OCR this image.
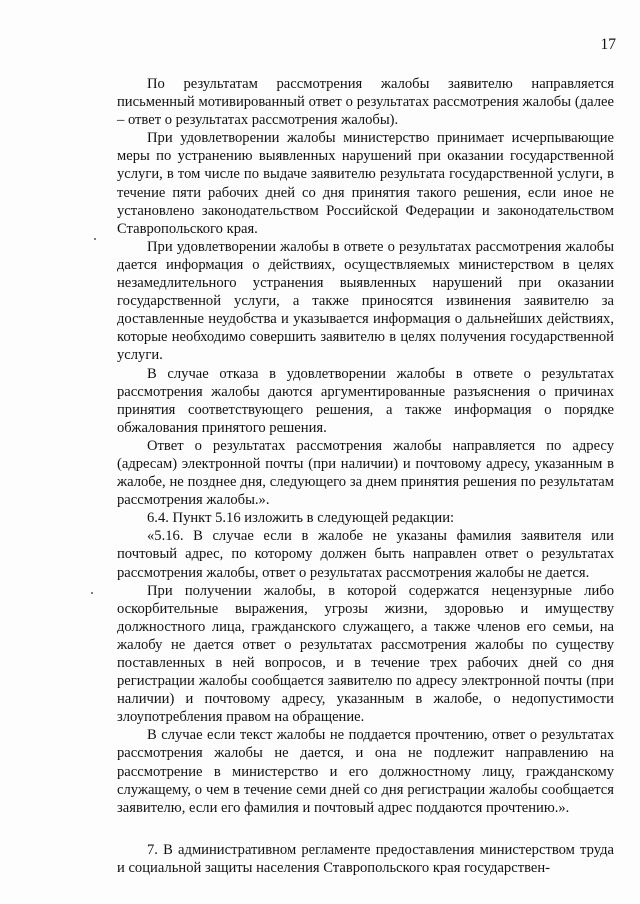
17

По результатам рассмотрения жалобы заявителю направляется письменный мотивированный ответ о результатах рассмотрения жалобы (далее – ответ о результатах рассмотрения жалобы).

При удовлетворении жалобы министерство принимает исчерпывающие меры по устранению выявленных нарушений при оказании государственной услуги, в том числе по выдаче заявителю результата государственной услуги, в течение пяти рабочих дней со дня принятия такого решения, если иное не установлено законодательством Российской Федерации и законодательством Ставропольского края.

При удовлетворении жалобы в ответе о результатах рассмотрения жалобы дается информация о действиях, осуществляемых министерством в целях незамедлительного устранения выявленных нарушений при оказании государственной услуги, а также приносятся извинения заявителю за доставленные неудобства и указывается информация о дальнейших действиях, которые необходимо совершить заявителю в целях получения государственной услуги.

В случае отказа в удовлетворении жалобы в ответе о результатах рассмотрения жалобы даются аргументированные разъяснения о причинах принятия соответствующего решения, а также информация о порядке обжалования принятого решения.

Ответ о результатах рассмотрения жалобы направляется по адресу (адресам) электронной почты (при наличии) и почтовому адресу, указанным в жалобе, не позднее дня, следующего за днем принятия решения по результатам рассмотрения жалобы.».

6.4. Пункт 5.16 изложить в следующей редакции:

«5.16. В случае если в жалобе не указаны фамилия заявителя или почтовый адрес, по которому должен быть направлен ответ о результатах рассмотрения жалобы, ответ о результатах рассмотрения жалобы не дается.

При получении жалобы, в которой содержатся нецензурные либо оскорбительные выражения, угрозы жизни, здоровью и имуществу должностного лица, гражданского служащего, а также членов его семьи, на жалобу не дается ответ о результатах рассмотрения жалобы по существу поставленных в ней вопросов, и в течение трех рабочих дней со дня регистрации жалобы сообщается заявителю по адресу электронной почты (при наличии) и почтовому адресу, указанным в жалобе, о недопустимости злоупотребления правом на обращение.

В случае если текст жалобы не поддается прочтению, ответ о результатах рассмотрения жалобы не дается, и она не подлежит направлению на рассмотрение в министерство и его должностному лицу, гражданскому служащему, о чем в течение семи дней со дня регистрации жалобы сообщается заявителю, если его фамилия и почтовый адрес поддаются прочтению.».

7. В административном регламенте предоставления министерством труда и социальной защиты населения Ставропольского края государствен-
